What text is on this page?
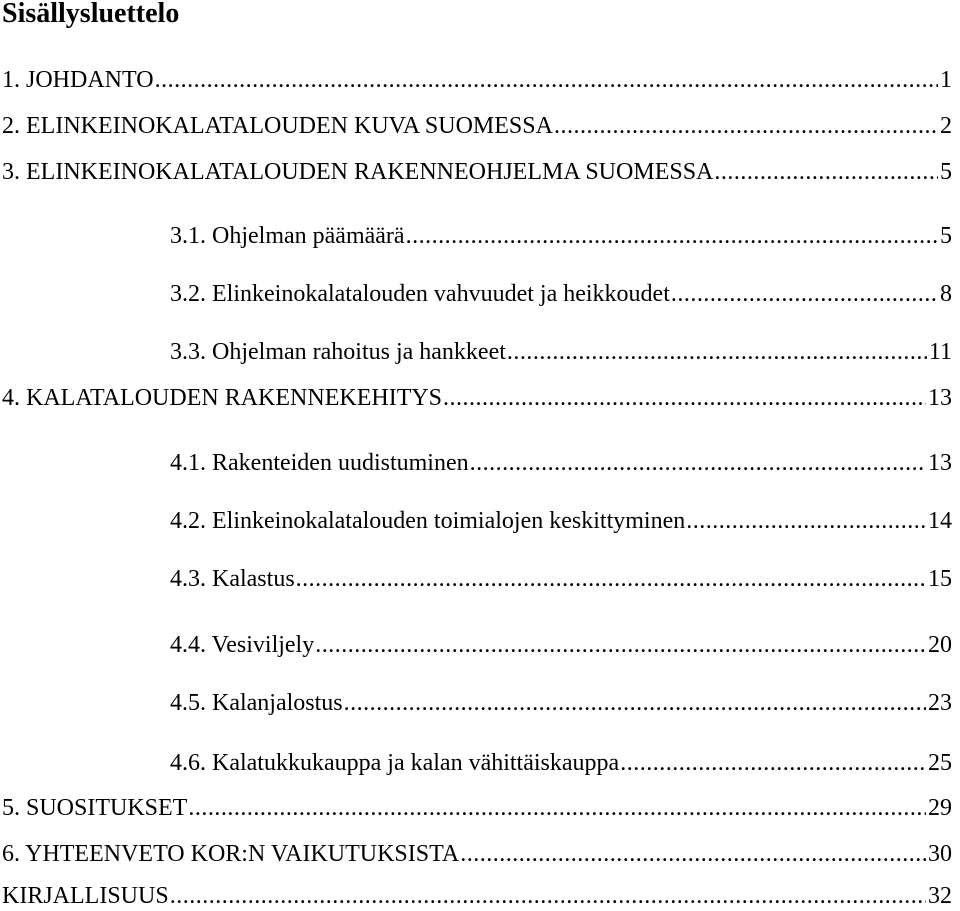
Sisällysluettelo
1. JOHDANTO .....	1
2. ELINKEINOKALATALOUDEN KUVA SUOMESSA .....	2
3. ELINKEINOKALATALOUDEN RAKENNEOHJELMA SUOMESSA .....	5
3.1. Ohjelman päämäärä .....	5
3.2. Elinkeinokalatalouden vahvuudet ja heikkoudet .....	8
3.3. Ohjelman rahoitus ja hankkeet .....	11
4. KALATALOUDEN RAKENNEKEHITYS .....	13
4.1. Rakenteiden uudistuminen .....	13
4.2. Elinkeinokalatalouden toimialojen keskittyminen .....	14
4.3. Kalastus .....	15
4.4. Vesiviljely .....	20
4.5. Kalanjalostus .....	23
4.6. Kalatukkukauppa ja kalan vähittäiskauppa .....	25
5. SUOSITUKSET .....	29
6. YHTEENVETO KOR:N VAIKUTUKSISTA .....	30
KIRJALLISUUS .....	32
